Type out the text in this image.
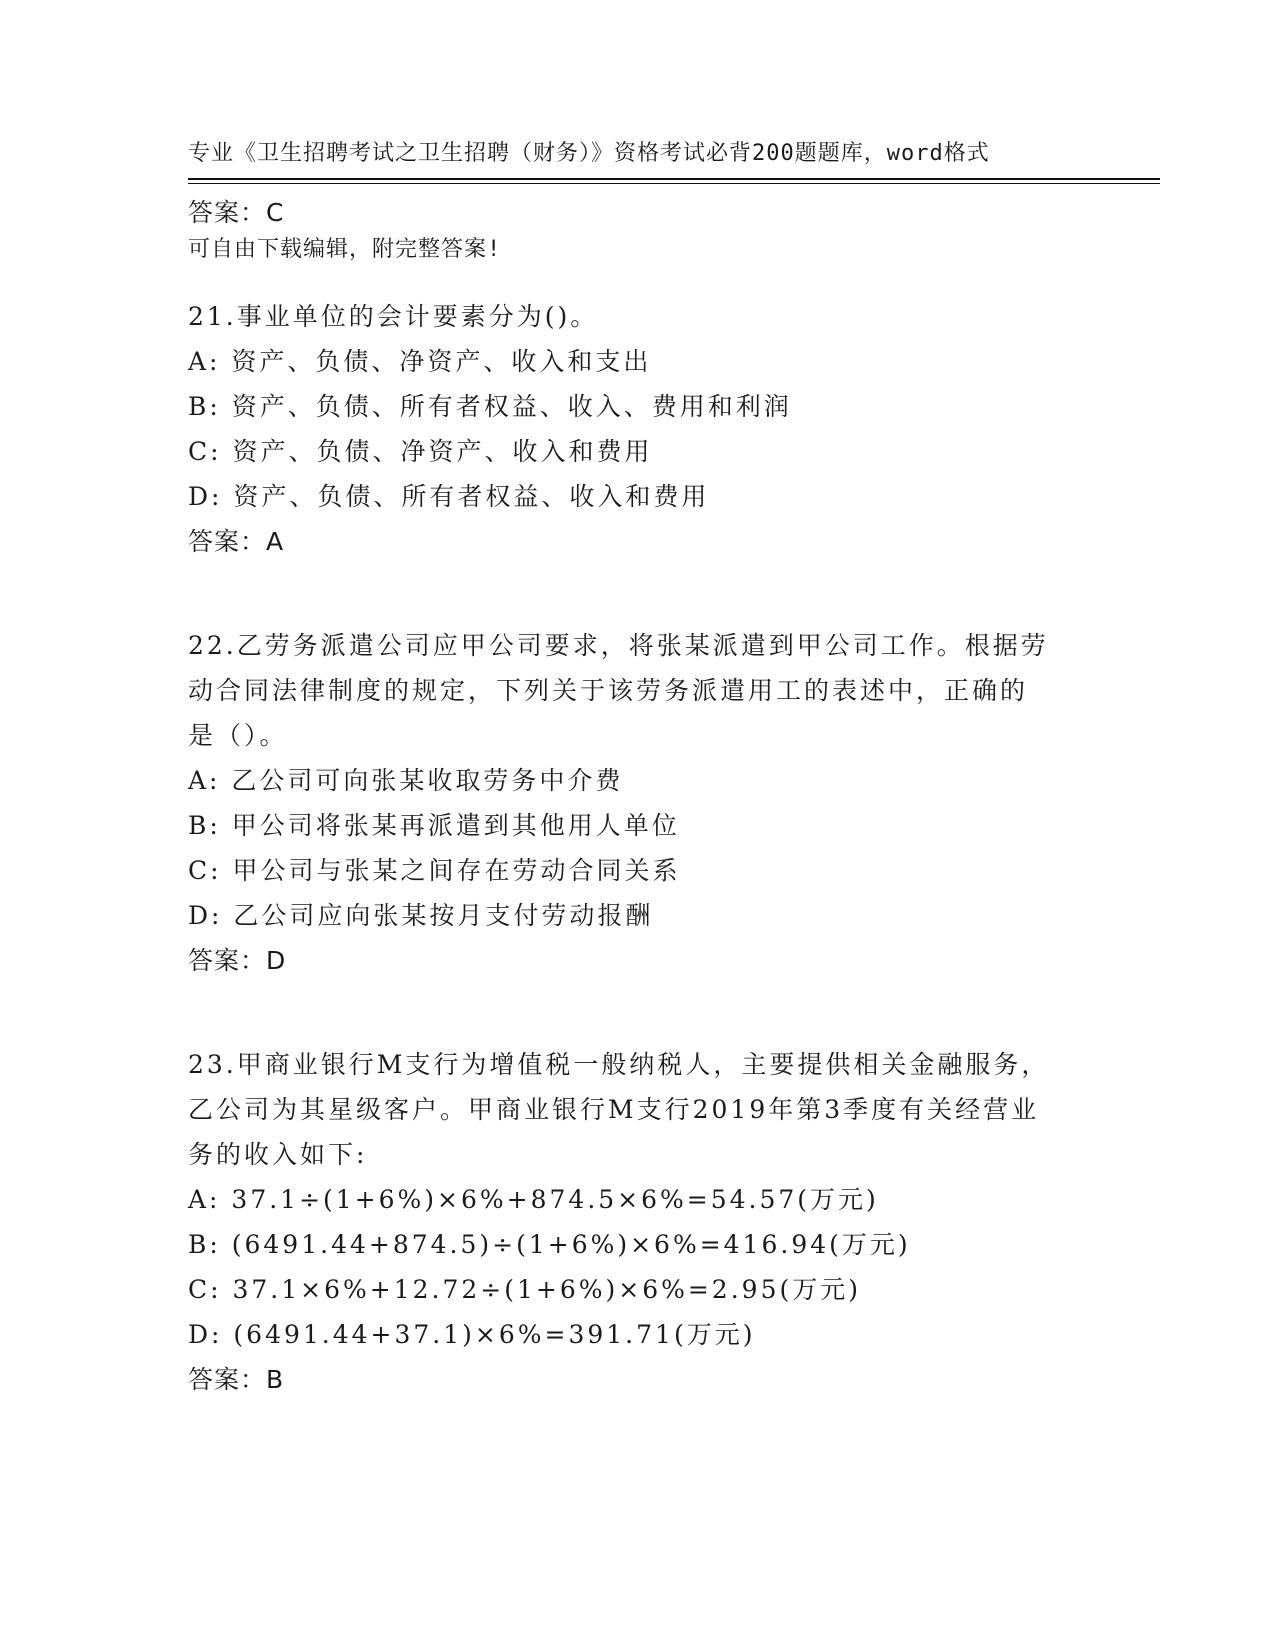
专业《卫生招聘考试之卫生招聘（财务）》资格考试必背200题题库，word格式

可自由下载编辑，附完整答案!

答案：C
21.事业单位的会计要素分为()。
A: 资产、负债、净资产、收入和支出
B: 资产、负债、所有者权益、收入、费用和利润
C: 资产、负债、净资产、收入和费用
D: 资产、负债、所有者权益、收入和费用
答案：A
22.乙劳务派遣公司应甲公司要求，将张某派遣到甲公司工作。根据劳
动合同法律制度的规定，下列关于该劳务派遣用工的表述中，正确的
是（）。
A: 乙公司可向张某收取劳务中介费
B: 甲公司将张某再派遣到其他用人单位
C: 甲公司与张某之间存在劳动合同关系
D: 乙公司应向张某按月支付劳动报酬
答案：D
23.甲商业银行M支行为增值税一般纳税人，主要提供相关金融服务，
乙公司为其星级客户。甲商业银行M支行2019年第3季度有关经营业
务的收入如下:
A: 37.1÷(1+6%)×6%+874.5×6%=54.57(万元)
B: (6491.44+874.5)÷(1+6%)×6%=416.94(万元)
C: 37.1×6%+12.72÷(1+6%)×6%=2.95(万元)
D: (6491.44+37.1)×6%=391.71(万元)
答案：B
